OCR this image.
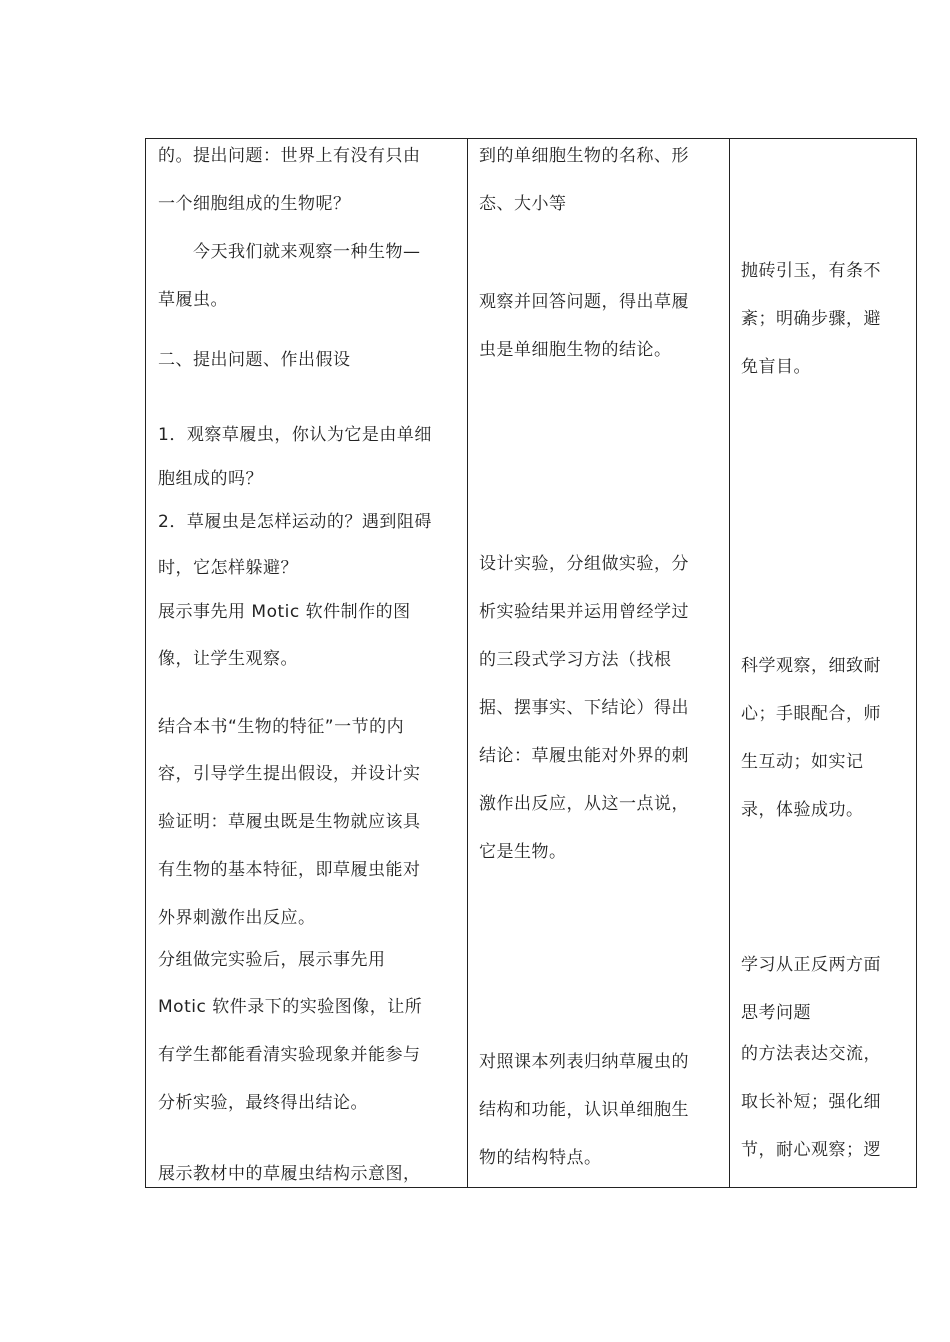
的。提出问题：世界上有没有只由

一个细胞组成的生物呢？

　　今天我们就来观察一种生物—

草履虫。

二、提出问题、作出假设

1．观察草履虫，你认为它是由单细

胞组成的吗？

2．草履虫是怎样运动的？遇到阻碍

时，它怎样躲避？

展示事先用 Motic 软件制作的图

像，让学生观察。

结合本书“生物的特征”一节的内

容，引导学生提出假设，并设计实

验证明：草履虫既是生物就应该具

有生物的基本特征，即草履虫能对

外界刺激作出反应。

分组做完实验后，展示事先用

Motic 软件录下的实验图像，让所

有学生都能看清实验现象并能参与

分析实验，最终得出结论。

展示教材中的草履虫结构示意图，

到的单细胞生物的名称、形

态、大小等

观察并回答问题，得出草履

虫是单细胞生物的结论。

设计实验，分组做实验，分

析实验结果并运用曾经学过

的三段式学习方法（找根

据、摆事实、下结论）得出

结论：草履虫能对外界的刺

激作出反应，从这一点说，

它是生物。

对照课本列表归纳草履虫的

结构和功能，认识单细胞生

物的结构特点。

抛砖引玉，有条不

紊；明确步骤，避

免盲目。

科学观察，细致耐

心；手眼配合，师

生互动；如实记

录，体验成功。

学习从正反两方面

思考问题

的方法表达交流，

取长补短；强化细

节，耐心观察；逻
